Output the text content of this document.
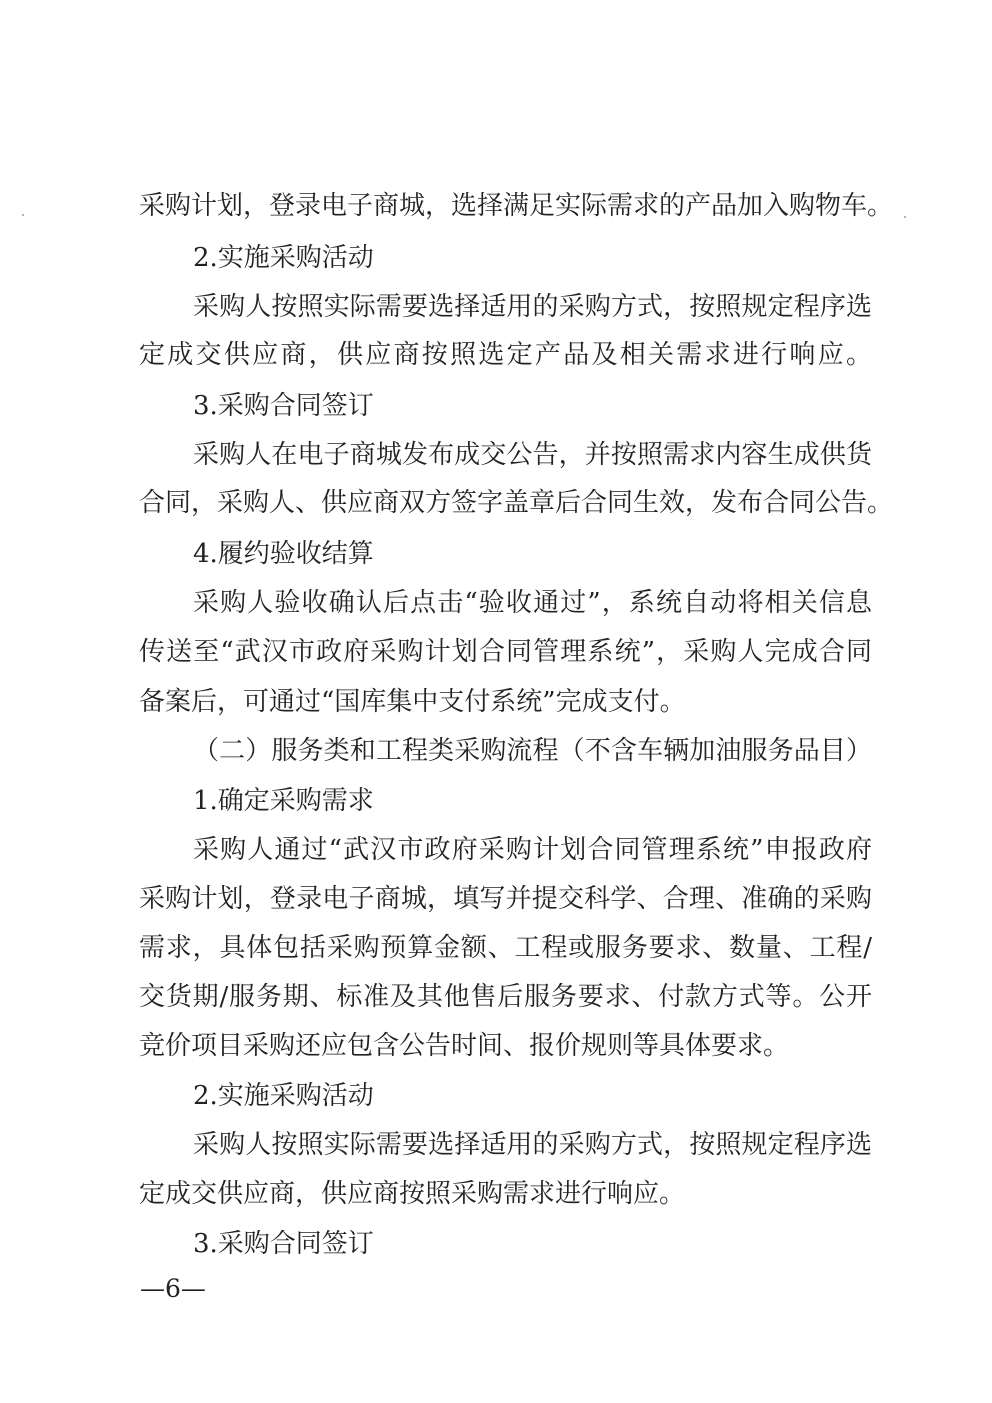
采购计划，登录电子商城，选择满足实际需求的产品加入购物车。
2.实施采购活动
采购人按照实际需要选择适用的采购方式，按照规定程序选
定成交供应商，供应商按照选定产品及相关需求进行响应。
3.采购合同签订
采购人在电子商城发布成交公告，并按照需求内容生成供货
合同，采购人、供应商双方签字盖章后合同生效，发布合同公告。
4.履约验收结算
采购人验收确认后点击“验收通过”，系统自动将相关信息
传送至“武汉市政府采购计划合同管理系统”，采购人完成合同
备案后，可通过“国库集中支付系统”完成支付。
（二）服务类和工程类采购流程（不含车辆加油服务品目）
1.确定采购需求
采购人通过“武汉市政府采购计划合同管理系统”申报政府
采购计划，登录电子商城，填写并提交科学、合理、准确的采购
需求，具体包括采购预算金额、工程或服务要求、数量、工程/
交货期/服务期、标准及其他售后服务要求、付款方式等。公开
竞价项目采购还应包含公告时间、报价规则等具体要求。
2.实施采购活动
采购人按照实际需要选择适用的采购方式，按照规定程序选
定成交供应商，供应商按照采购需求进行响应。
3.采购合同签订
—6—
